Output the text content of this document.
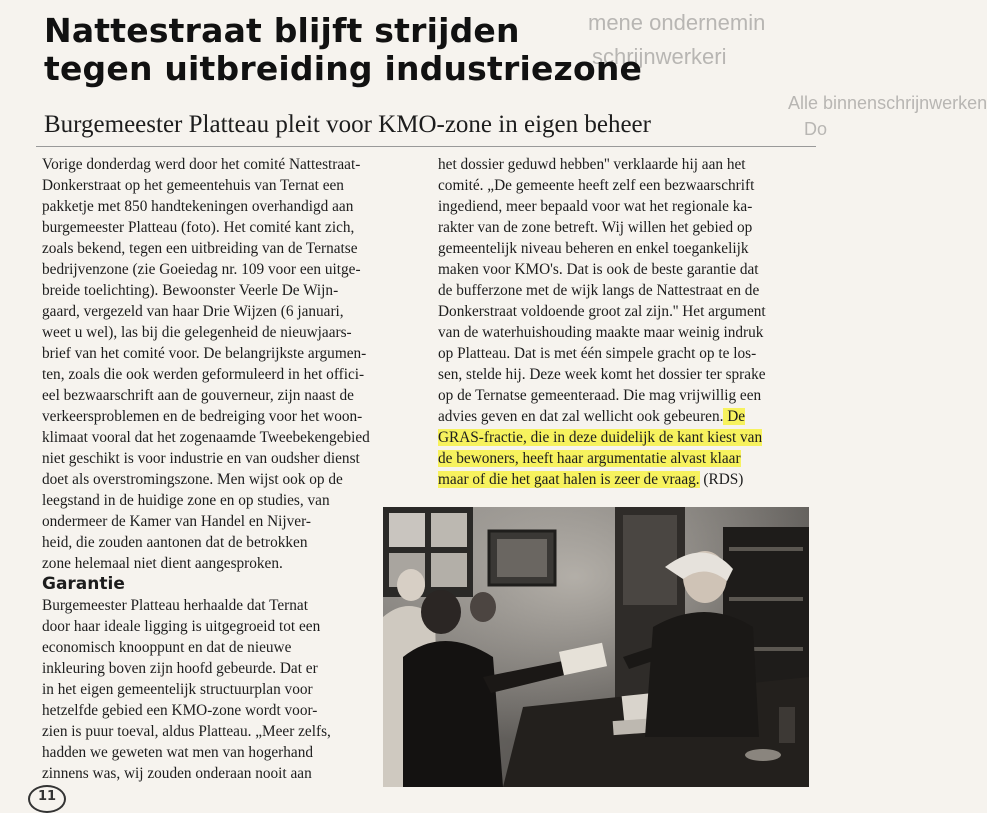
mene ondernemin
schrijnwerkeri
Alle binnenschrijnwerken
Do
Nattestraat blijft strijden
tegen uitbreiding industriezone
Burgemeester Platteau pleit voor KMO-zone in eigen beheer
Vorige donderdag werd door het comité Nattestraat-
Donkerstraat op het gemeentehuis van Ternat een
pakketje met 850 handtekeningen overhandigd aan
burgemeester Platteau (foto). Het comité kant zich,
zoals bekend, tegen een uitbreiding van de Ternatse
bedrijvenzone (zie Goeiedag nr. 109 voor een uitge-
breide toelichting). Bewoonster Veerle De Wijn-
gaard, vergezeld van haar Drie Wijzen (6 januari,
weet u wel), las bij die gelegenheid de nieuwjaars-
brief van het comité voor. De belangrijkste argumen-
ten, zoals die ook werden geformuleerd in het offici-
eel bezwaarschrift aan de gouverneur, zijn naast de
verkeersproblemen en de bedreiging voor het woon-
klimaat vooral dat het zogenaamde Tweebekengebied
niet geschikt is voor industrie en van oudsher dienst
doet als overstromingszone. Men wijst ook op de
leegstand in de huidige zone en op studies, van
ondermeer de Kamer van Handel en Nijver-
heid, die zouden aantonen dat de betrokken
zone helemaal niet dient aangesproken.
Garantie
Burgemeester Platteau herhaalde dat Ternat
door haar ideale ligging is uitgegroeid tot een
economisch knooppunt en dat de nieuwe
inkleuring boven zijn hoofd gebeurde. Dat er
in het eigen gemeentelijk structuurplan voor
hetzelfde gebied een KMO-zone wordt voor-
zien is puur toeval, aldus Platteau. „Meer zelfs,
hadden we geweten wat men van hogerhand
zinnens was, wij zouden onderaan nooit aan
het dossier geduwd hebben'' verklaarde hij aan het
comité. „De gemeente heeft zelf een bezwaarschrift
ingediend, meer bepaald voor wat het regionale ka-
rakter van de zone betreft. Wij willen het gebied op
gemeentelijk niveau beheren en enkel toegankelijk
maken voor KMO's. Dat is ook de beste garantie dat
de bufferzone met de wijk langs de Nattestraat en de
Donkerstraat voldoende groot zal zijn.'' Het argument
van de waterhuishouding maakte maar weinig indruk
op Platteau. Dat is met één simpele gracht op te los-
sen, stelde hij. Deze week komt het dossier ter sprake
op de Ternatse gemeenteraad. Die mag vrijwillig een
advies geven en dat zal wellicht ook gebeuren. De
GRAS-fractie, die in deze duidelijk de kant kiest van
de bewoners, heeft haar argumentatie alvast klaar
maar of die het gaat halen is zeer de vraag. (RDS)
11
